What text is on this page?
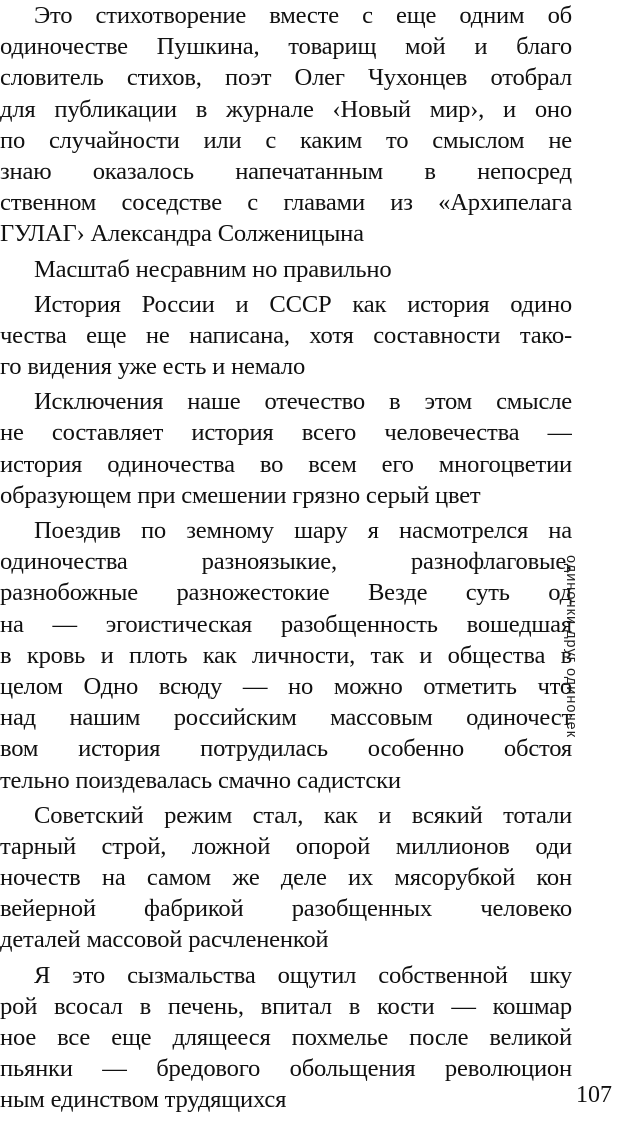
Это стихотворение вместе с еще одним об
одиночестве Пушкина, товарищ мой и благо
словитель стихов, поэт Олег Чухонцев отобрал
для публикации в журнале ‹Новый мир›, и оно
по случайности или с каким то смыслом не
знаю оказалось напечатанным в непосред
ственном соседстве с главами из «Архипелага
ГУЛАГ› Александра Солженицына
Масштаб несравним но правильно
История России и СССР как история одино
чества еще не написана, хотя составности тако-
го видения уже есть и немало
Исключения наше отечество в этом смысле
не составляет история всего человечества —
история одиночества во всем его многоцветии
образующем при смешении грязно серый цвет
Поездив по земному шару я насмотрелся на
одиночества разноязыкие, разнофлаговые,
разнобожные разножестокие Везде суть од
на — эгоистическая разобщенность вошедшая
в кровь и плоть как личности, так и общества в
целом Одно всюду — но можно отметить что
над нашим российским массовым одиночест
вом история потрудилась особенно обстоя
тельно поиздевалась смачно садистски
Советский режим стал, как и всякий тотали
тарный строй, ложной опорой миллионов оди
ночеств на самом же деле их мясорубкой кон
вейерной фабрикой разобщенных человеко
деталей массовой расчлененкой
Я это сызмальства ощутил собственной шку
рой всосал в печень, впитал в кости — кошмар
ное все еще длящееся похмелье после великой
пьянки — бредового обольщения революцион
ным единством трудящихся
одиночки друг одиночек
107
